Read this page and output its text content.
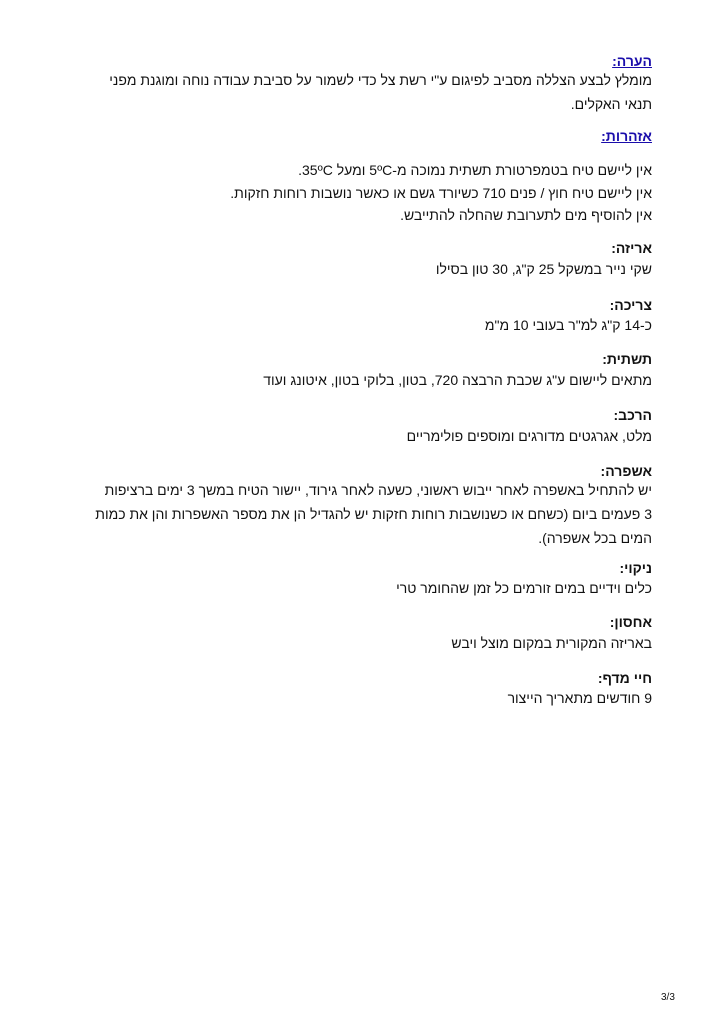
הערה:
מומלץ לבצע הצללה מסביב לפיגום ע"י רשת צל כדי לשמור על סביבת עבודה נוחה ומוגנת מפני תנאי האקלים.
אזהרות:
אין ליישם טיח בטמפרטורת תשתית נמוכה מ-5ºC ומעל 35ºC.
אין ליישם טיח חוץ / פנים 710 כשיורד גשם או כאשר נושבות רוחות חזקות.
אין להוסיף מים לתערובת שהחלה להתייבש.
אריזה:
שקי נייר במשקל 25 ק"ג, 30 טון בסילו
צריכה:
כ-14 ק"ג למ"ר בעובי 10 מ"מ
תשתית:
מתאים ליישום ע"ג שכבת הרבצה 720, בטון, בלוקי בטון, איטונג ועוד
הרכב:
מלט, אגרגטים מדורגים ומוספים פולימריים
אשפרה:
יש להתחיל באשפרה לאחר ייבוש ראשוני, כשעה לאחר גירוד, יישור הטיח במשך 3 ימים ברציפות 3 פעמים ביום (כשחם או כשנושבות רוחות חזקות יש להגדיל הן את מספר האשפרות והן את כמות המים בכל אשפרה).
ניקוי:
כלים וידיים במים זורמים כל זמן שהחומר טרי
אחסון:
באריזה המקורית במקום מוצל ויבש
חיי מדף:
9 חודשים מתאריך הייצור
3/3
